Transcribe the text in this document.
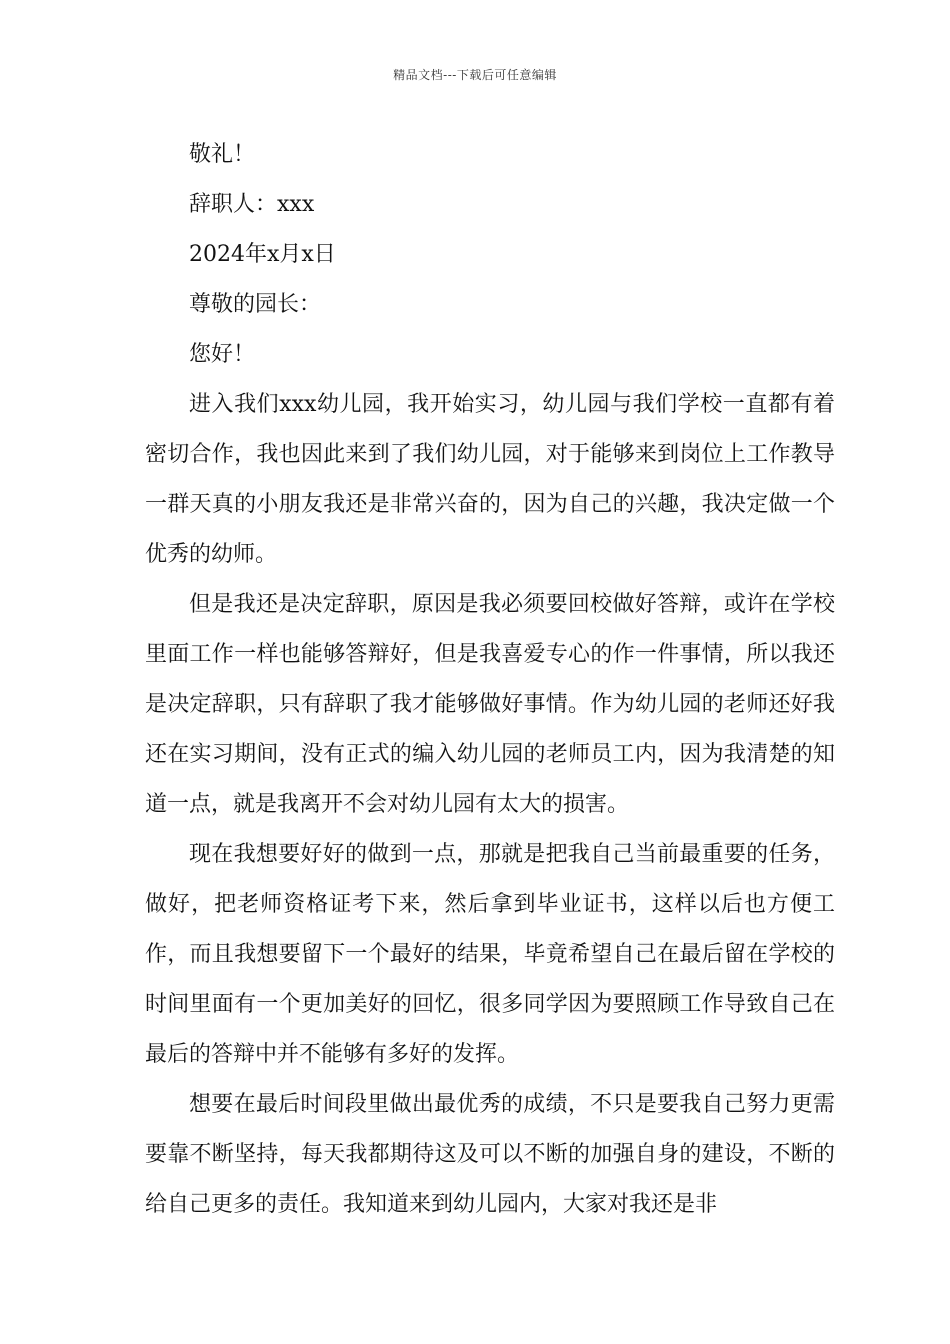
精品文档---下载后可任意编辑

敬礼！

辞职人：xxx

2024年x月x日

尊敬的园长：

您好！

进入我们xxx幼儿园，我开始实习，幼儿园与我们学校一直都有着密切合作，我也因此来到了我们幼儿园，对于能够来到岗位上工作教导一群天真的小朋友我还是非常兴奋的，因为自己的兴趣，我决定做一个优秀的幼师。

但是我还是决定辞职，原因是我必须要回校做好答辩，或许在学校里面工作一样也能够答辩好，但是我喜爱专心的作一件事情，所以我还是决定辞职，只有辞职了我才能够做好事情。作为幼儿园的老师还好我还在实习期间，没有正式的编入幼儿园的老师员工内，因为我清楚的知道一点，就是我离开不会对幼儿园有太大的损害。

现在我想要好好的做到一点，那就是把我自己当前最重要的任务，做好，把老师资格证考下来，然后拿到毕业证书，这样以后也方便工作，而且我想要留下一个最好的结果，毕竟希望自己在最后留在学校的时间里面有一个更加美好的回忆，很多同学因为要照顾工作导致自己在最后的答辩中并不能够有多好的发挥。

想要在最后时间段里做出最优秀的成绩，不只是要我自己努力更需要靠不断坚持，每天我都期待这及可以不断的加强自身的建设，不断的给自己更多的责任。我知道来到幼儿园内，大家对我还是非
